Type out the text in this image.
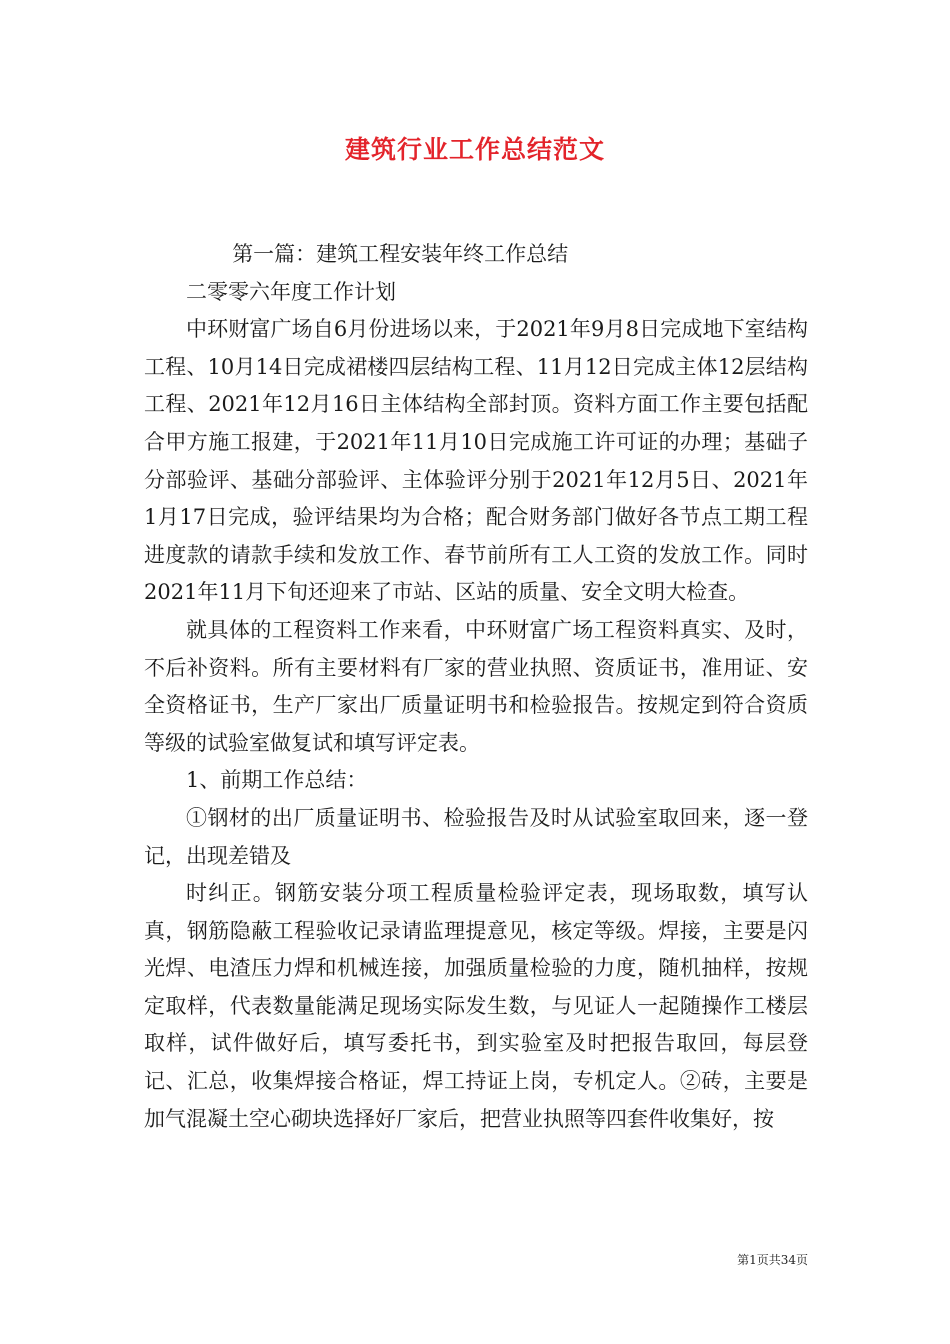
建筑行业工作总结范文

第一篇：建筑工程安装年终工作总结

二零零六年度工作计划

中环财富广场自6月份进场以来，于2021年9月8日完成地下室结构工程、10月14日完成裙楼四层结构工程、11月12日完成主体12层结构工程、2021年12月16日主体结构全部封顶。资料方面工作主要包括配合甲方施工报建，于2021年11月10日完成施工许可证的办理；基础子分部验评、基础分部验评、主体验评分别于2021年12月5日、2021年1月17日完成，验评结果均为合格；配合财务部门做好各节点工期工程进度款的请款手续和发放工作、春节前所有工人工资的发放工作。同时2021年11月下旬还迎来了市站、区站的质量、安全文明大检查。

就具体的工程资料工作来看，中环财富广场工程资料真实、及时，不后补资料。所有主要材料有厂家的营业执照、资质证书，准用证、安全资格证书，生产厂家出厂质量证明书和检验报告。按规定到符合资质等级的试验室做复试和填写评定表。

1、前期工作总结：

①钢材的出厂质量证明书、检验报告及时从试验室取回来，逐一登记，出现差错及

时纠正。钢筋安装分项工程质量检验评定表，现场取数，填写认真，钢筋隐蔽工程验收记录请监理提意见，核定等级。焊接，主要是闪光焊、电渣压力焊和机械连接，加强质量检验的力度，随机抽样，按规定取样，代表数量能满足现场实际发生数，与见证人一起随操作工楼层取样，试件做好后，填写委托书，到实验室及时把报告取回，每层登记、汇总，收集焊接合格证，焊工持证上岗，专机定人。②砖，主要是加气混凝土空心砌块选择好厂家后，把营业执照等四套件收集好，按

第1页共34页
